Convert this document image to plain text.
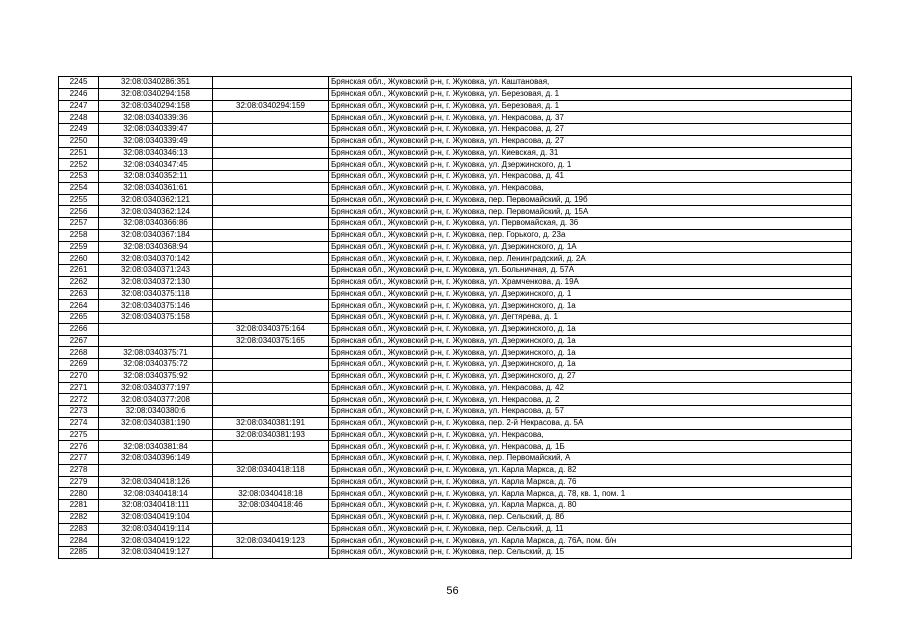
2245	32:08:0340286:351		Брянская обл., Жуковский р-н, г. Жуковка, ул. Каштановая,
2246	32:08:0340294:158		Брянская обл., Жуковский р-н, г. Жуковка, ул. Березовая, д. 1
2247	32:08:0340294:158	32:08:0340294:159	Брянская обл., Жуковский р-н, г. Жуковка, ул. Березовая, д. 1
2248	32:08:0340339:36		Брянская обл., Жуковский р-н, г. Жуковка, ул. Некрасова, д. 37
2249	32:08:0340339:47		Брянская обл., Жуковский р-н, г. Жуковка, ул. Некрасова, д. 27
2250	32:08:0340339:49		Брянская обл., Жуковский р-н, г. Жуковка, ул. Некрасова, д. 27
2251	32:08:0340346:13		Брянская обл., Жуковский р-н, г. Жуковка, ул. Киевская, д. 31
2252	32:08:0340347:45		Брянская обл., Жуковский р-н, г. Жуковка, ул. Дзержинского, д. 1
2253	32:08:0340352:11		Брянская обл., Жуковский р-н, г. Жуковка, ул. Некрасова, д. 41
2254	32:08:0340361:61		Брянская обл., Жуковский р-н, г. Жуковка, ул. Некрасова,
2255	32:08:0340362:121		Брянская обл., Жуковский р-н, г. Жуковка, пер. Первомайский, д. 19б
2256	32:08:0340362:124		Брянская обл., Жуковский р-н, г. Жуковка, пер. Первомайский, д. 15А
2257	32:08:0340366:86		Брянская обл., Жуковский р-н, г. Жуковка, ул. Первомайская, д. 36
2258	32:08:0340367:184		Брянская обл., Жуковский р-н, г. Жуковка, пер. Горького, д. 23а
2259	32:08:0340368:94		Брянская обл., Жуковский р-н, г. Жуковка, ул. Дзержинского, д. 1А
2260	32:08:0340370:142		Брянская обл., Жуковский р-н, г. Жуковка, пер. Ленинградский, д. 2А
2261	32:08:0340371:243		Брянская обл., Жуковский р-н, г. Жуковка, ул. Больничная, д. 57А
2262	32:08:0340372:130		Брянская обл., Жуковский р-н, г. Жуковка, ул. Храмченкова, д. 19А
2263	32:08:0340375:118		Брянская обл., Жуковский р-н, г. Жуковка, ул. Дзержинского, д. 1
2264	32:08:0340375:146		Брянская обл., Жуковский р-н, г. Жуковка, ул. Дзержинского, д. 1а
2265	32:08:0340375:158		Брянская обл., Жуковский р-н, г. Жуковка, ул. Дегтярева, д. 1
2266		32:08:0340375:164	Брянская обл., Жуковский р-н, г. Жуковка, ул. Дзержинского, д. 1а
2267		32:08:0340375:165	Брянская обл., Жуковский р-н, г. Жуковка, ул. Дзержинского, д. 1а
2268	32:08:0340375:71		Брянская обл., Жуковский р-н, г. Жуковка, ул. Дзержинского, д. 1а
2269	32:08:0340375:72		Брянская обл., Жуковский р-н, г. Жуковка, ул. Дзержинского, д. 1а
2270	32:08:0340375:92		Брянская обл., Жуковский р-н, г. Жуковка, ул. Дзержинского, д. 27
2271	32:08:0340377:197		Брянская обл., Жуковский р-н, г. Жуковка, ул. Некрасова, д. 42
2272	32:08:0340377:208		Брянская обл., Жуковский р-н, г. Жуковка, ул. Некрасова, д. 2
2273	32:08:0340380:6		Брянская обл., Жуковский р-н, г. Жуковка, ул. Некрасова, д. 57
2274	32:08:0340381:190	32:08:0340381:191	Брянская обл., Жуковский р-н, г. Жуковка, пер. 2-й Некрасова, д. 5А
2275		32:08:0340381:193	Брянская обл., Жуковский р-н, г. Жуковка, ул. Некрасова,
2276	32:08:0340381:84		Брянская обл., Жуковский р-н, г. Жуковка, ул. Некрасова, д. 1Б
2277	32:08:0340396:149		Брянская обл., Жуковский р-н, г. Жуковка, пер. Первомайский, А
2278		32:08:0340418:118	Брянская обл., Жуковский р-н, г. Жуковка, ул. Карла Маркса, д. 82
2279	32:08:0340418:126		Брянская обл., Жуковский р-н, г. Жуковка, ул. Карла Маркса, д. 76
2280	32:08:0340418:14	32:08:0340418:18	Брянская обл., Жуковский р-н, г. Жуковка, ул. Карла Маркса, д. 78, кв. 1, пом. 1
2281	32:08:0340418:111	32:08:0340418:46	Брянская обл., Жуковский р-н, г. Жуковка, ул. Карла Маркса, д. 80
2282	32:08:0340419:104		Брянская обл., Жуковский р-н, г. Жуковка, пер. Сельский, д. 8б
2283	32:08:0340419:114		Брянская обл., Жуковский р-н, г. Жуковка, пер. Сельский, д. 11
2284	32:08:0340419:122	32:08:0340419:123	Брянская обл., Жуковский р-н, г. Жуковка, ул. Карла Маркса, д. 76А, пом. б/н
2285	32:08:0340419:127		Брянская обл., Жуковский р-н, г. Жуковка, пер. Сельский, д. 15
56
